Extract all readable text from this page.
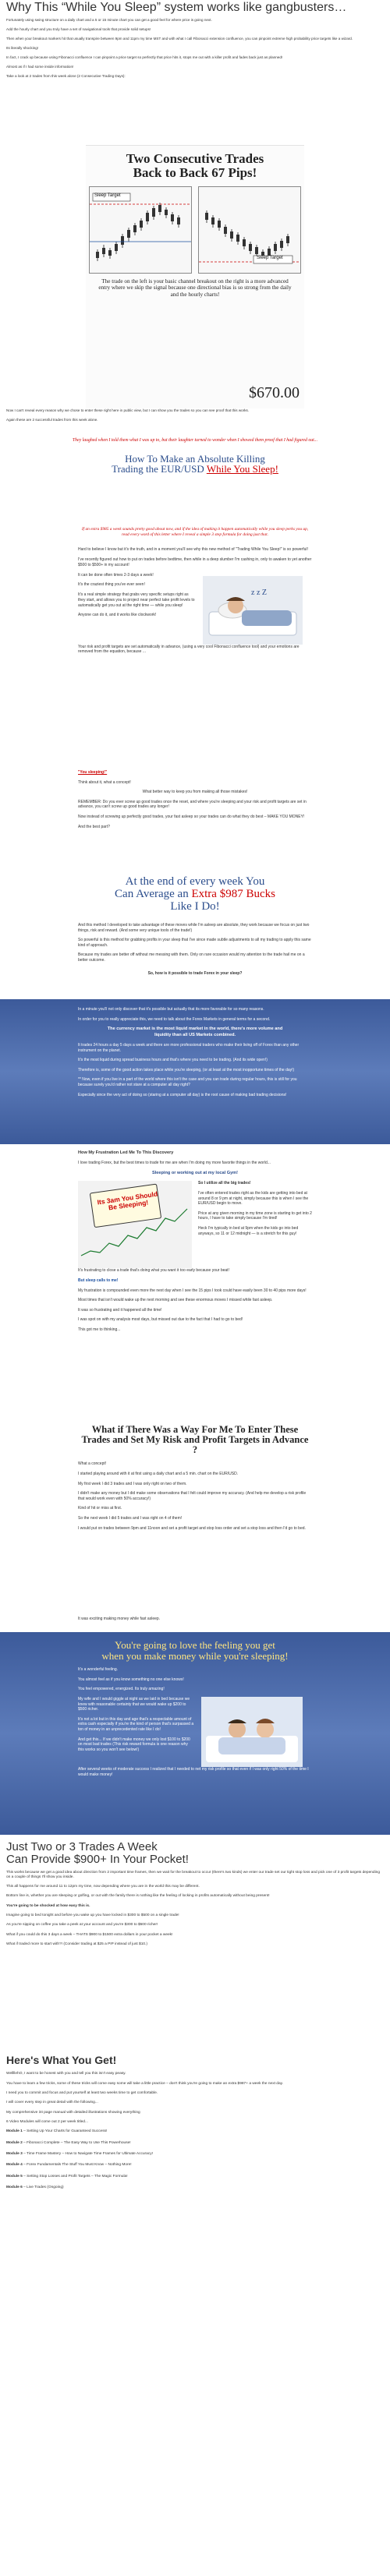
Why This “While You Sleep” system works like gangbusters…

Fortunately using swing structure on a daily chart and a 5 or 15 minute chart you can get a good feel for where price is going next.

Add the hourly chart and you truly have a set of navigational tools that provide solid setups!

Then when your breakout markers hit that usually transpire between 9pm and 11pm my time MST and with what I call Fibonacci extension confluence, you can pinpoint extreme high probability price targets like a wizard.

Its literally shocking!

In fact, I crack up because using Fibonacci confluence I can pinpoint a price target so perfectly that price hits it, stops me out with a killer profit and fades back just as planned!

Almost as if I had some inside information!

Take a look at 2 trades from this week alone (2 Consecutive Trading Days):

Two Consecutive Trades
Back to Back 67 Pips!
Sleep Target
Sleep Target
The trade on the left is your basic channel breakout on the right is a more advanced entry where we skip the signal because one directional bias is so strong from the daily and the hourly charts!
$670.00

Now I can't reveal every reason why we chose to enter these right here in public view, but I can show you the trades so you can see proof that this works.

Again these are 2 successful trades from this week alone.

They laughed when I told them what I was up to, but their laughter turned to wonder when I showed them proof that I had figured out...
How To Make an Absolute Killing
Trading the EUR/USD While You Sleep!
If an extra $985 a week sounds pretty good about now, and if the idea of making it happen automatically while you sleep perks you up, read every word of this letter where I reveal a simple 3 step formula for doing just that.

Hard to believe I know but it's the truth, and in a moment you'll see why this new method of "Trading While You Sleep!" is so powerful!

I've recently figured out how to put on trades before bedtime, then while in a deep slumber I'm cashing in, only to awaken to yet another $500 to $500+ in my account!

It can be done often times 2-3 days a week!

It's the craziest thing you've ever seen!

It's a real simple strategy that grabs very specific setups right as they start, and allows you to project near perfect take profit levels to automatically get you out at the right time — while you sleep!

Anyone can do it, and it works like clockwork!

z z Z

Your risk and profit targets are set automatically in advance, (using a very cool Fibonacci confluence tool) and your emotions are removed from the equation, because ...

"You sleeping!"

Think about it, what a concept!

What better way to keep you from making all those mistakes!

REMEMBER: Do you ever screw up good trades once the reset, and where you're sleeping and your risk and profit targets are set in advance, you can't screw up good trades any longer!

Now instead of screwing up perfectly good trades, your fast asleep so your trades can do what they do best – MAKE YOU MONEY!

And the best part?

At the end of every week You
Can Average an Extra $987 Bucks
Like I Do!

And this method I developed to take advantage of these moves while I'm asleep are absolute, they work because we focus on just two things, risk and reward. (And some very unique tools of the trade!)

So powerful is this method for grabbing profits in your sleep that I've since made subtle adjustments to all my trading to apply this same kind of approach.

Because my trades are better off without me messing with them. Only on rare occasion would my attention to the trade hail me on a better outcome.

So, how is it possible to trade Forex in your sleep?

In a minute you'll not only discover that it's possible but actually that its more favorable for so many reasons.

In order for you to really appreciate this, we need to talk about the Forex Markets in general terms for a second.

The currency market is the most liquid market in the world, there's more volume and liquidity than all US Markets combined.

It trades 24 hours a day 5 days a week and there are more professional traders who make their living off of Forex than any other instrument on the planet.

It's the most liquid during spread business hours and that's where you need to be trading. (And its wide open!)

Therefore is, some of the good action takes place while you're sleeping, (or at least at the most inopportune times of the day!)

** Now, even if you live in a part of the world where this isn't the case and you can trade during regular hours, this is still for you because surely you'd rather not stare at a computer all day right?

Especially since the very act of doing so (staring at a computer all day) is the root cause of making bad trading decisions!

How My Frustration Led Me To This Discovery

I love trading Forex, but the best times to trade for me are when I'm doing my more favorite things in the world...

Sleeping or working out at my local Gym!

Its 3am You Should Be Sleeping!

So I utilize all the big trades!

I've often entered trades right as the kids are getting into bed at around 8 or 9 pm at night, simply because this is when I see the EUR/USD begin to move.

Price at any given morning in my time zone is starting to get into 2 hours, I have to take simply because I'm tired!

Heck I'm typically in bed at 9pm when the kids go into bed anyways, so 11 or 12 midnight — is a stretch for this guy!

It's frustrating to close a trade that's doing what you want it too early because your beat!

But sleep calls to me!

My frustration is compounded even more the next day when I see the 15 pips I took could have easily been 30 to 40 pips more days!

Most times that isn't would wake up the next morning and see these enormous moves I missed while fast asleep.

It was so frustrating and it happened all the time!

I was spot on with my analysis most days, but missed out due to the fact that I had to go to bed!

This got me to thinking...

What if There Was a Way For Me To Enter These Trades and Set My Risk and Profit Targets in Advance ?

What a concept!

I started playing around with it at first using a daily chart and a 5 min. chart on the EUR/USD.

My first week I did 3 trades and I was only right on two of them.

I didn't make any money but I did make some observations that I felt could improve my accuracy. (And help me develop a risk profile that would work even with 50% accuracy!)

Kind of hit or miss at first.

So the next week I did 5 trades and I was right on 4 of them!

I would put on trades between 9pm and 11noon and set a profit target and stop loss order and set a stop loss and then I'd go to bed.

It was exciting making money while fast asleep.

You're going to love the feeling you get
when you make money while you're sleeping!

It's a wonderful feeling.

You almost feel as if you know something no one else knows!

You feel empowered, energized. Its truly amazing!

My wife and I would giggle at night as we laid in bed because we knew with reasonable certainty that we would wake up $200 to $500 richer.

It's not a lot but in this day and age that's a respectable amount of extra cash especially if you're the kind of person that's surpassed a ton of money in an unprecedented rate like I do!

And get this... If we didn't make money we only lost $100 to $200 on most bad trades (This risk reward formula is one reason why this works so you won't see below!)

After several weeks of moderate success I realized that I needed to net my risk profile so that even if I was only right 50% of the time I would make money!

Just Two or 3 Trades A Week
Can Provide $900+ In Your Pocket!

This works because we get a good idea about direction from 2 important time frames, then we wait for the breakout to occur (there's two kinds) we enter our trade set our tight stop loss and pick one of 3 profit targets depending on a couple of things I'll show you inside.

This all happens for me around 11 to 12pm my time, now depending where you are in the world this may be different.

Bottom line is, whether you are sleeping or golfing, or out with the family there is nothing like the feeling of locking in profits automatically without being present!

You're going to be shocked at how easy this is.

Imagine going to bed tonight and before you wake up you have locked in $300 to $500 on a single trade!

As you're sipping on coffee you take a peek at your account and you're $300 to $500 richer!

What if you could do this 3 days a week – THATS $900 to $1500 extra dollars in your pocket a week!

What if traded more to start with?! (Consider trading at $25 a PIP instead of just $10.)

Here's What You Get!

WellllehO, I want to be honest with you and tell you this isn't easy peasy.

You have to learn a few tricks, some of these tricks will come easy some will take a little practice – don't think you're going to make an extra $987+ a week the next day.

I need you to commit and focus and put yourself at least two weeks time to get comfortable.

I will cover every step in great detail with the following...

My comprehensive 34 page manual with detailed illustrations showing everything

6 Video Modules will come out 2 per week titled...

Module 1 – Setting Up Your Charts for Guaranteed Success!
Module 2 – Fibonacci Complete – The Easy Way to Use This Powerhouse!
Module 3 – Time Frame Mastery – How to Navigate Time Frames for Ultimate Accuracy!
Module 4 – Forex Fundamentals The Stuff You Must Know – Nothing More!
Module 5 – Setting Stop Losses and Profit Targets – The Magic Formula!
Module 6 – Live Trades (Ongoing)
